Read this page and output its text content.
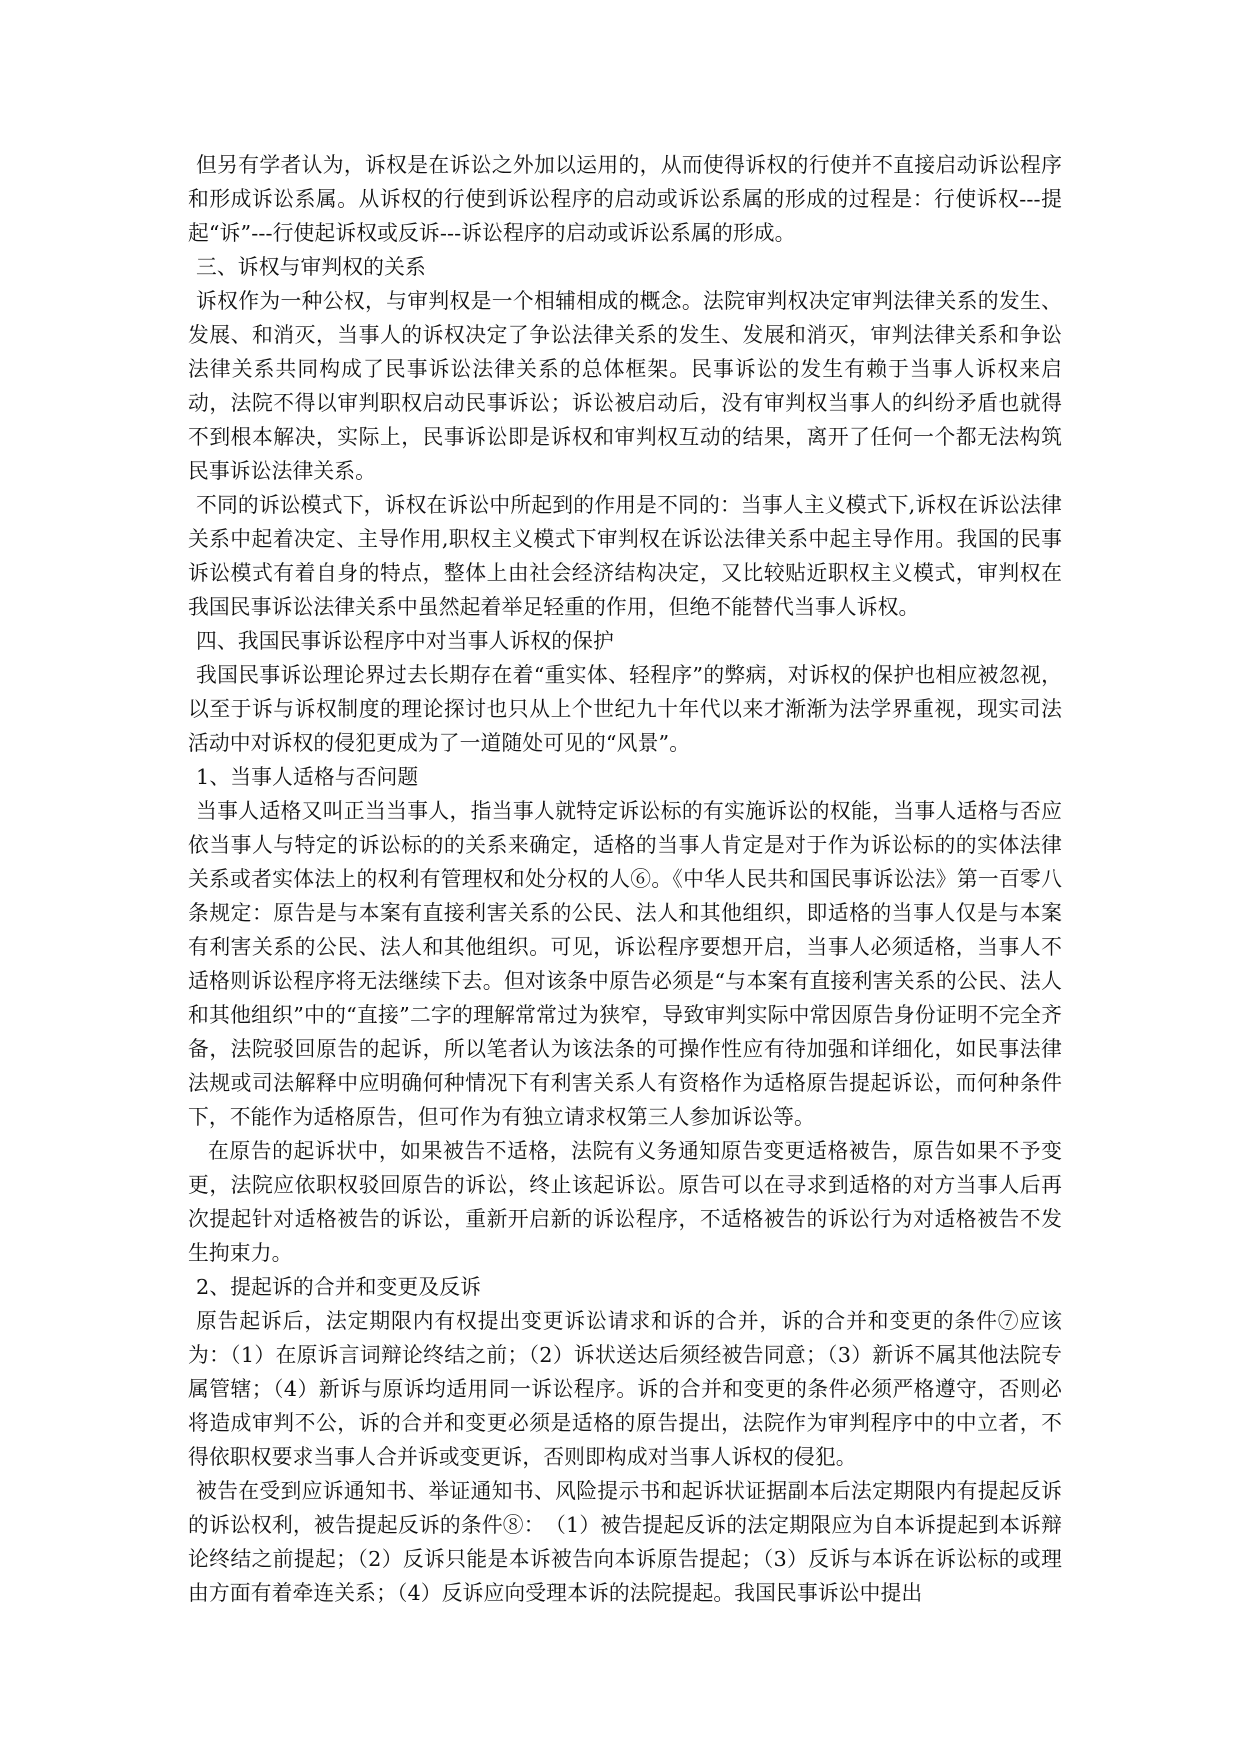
但另有学者认为，诉权是在诉讼之外加以运用的，从而使得诉权的行使并不直接启动诉讼程序和形成诉讼系属。从诉权的行使到诉讼程序的启动或诉讼系属的形成的过程是：行使诉权---提起“诉”---行使起诉权或反诉---诉讼程序的启动或诉讼系属的形成。

三、诉权与审判权的关系

诉权作为一种公权，与审判权是一个相辅相成的概念。法院审判权决定审判法律关系的发生、发展、和消灭，当事人的诉权决定了争讼法律关系的发生、发展和消灭，审判法律关系和争讼法律关系共同构成了民事诉讼法律关系的总体框架。民事诉讼的发生有赖于当事人诉权来启动，法院不得以审判职权启动民事诉讼；诉讼被启动后，没有审判权当事人的纠纷矛盾也就得不到根本解决，实际上，民事诉讼即是诉权和审判权互动的结果，离开了任何一个都无法构筑民事诉讼法律关系。

不同的诉讼模式下，诉权在诉讼中所起到的作用是不同的：当事人主义模式下,诉权在诉讼法律关系中起着决定、主导作用,职权主义模式下审判权在诉讼法律关系中起主导作用。我国的民事诉讼模式有着自身的特点，整体上由社会经济结构决定，又比较贴近职权主义模式，审判权在我国民事诉讼法律关系中虽然起着举足轻重的作用，但绝不能替代当事人诉权。

四、我国民事诉讼程序中对当事人诉权的保护

我国民事诉讼理论界过去长期存在着“重实体、轻程序”的弊病，对诉权的保护也相应被忽视，以至于诉与诉权制度的理论探讨也只从上个世纪九十年代以来才渐渐为法学界重视，现实司法活动中对诉权的侵犯更成为了一道随处可见的“风景”。

1、当事人适格与否问题

当事人适格又叫正当当事人，指当事人就特定诉讼标的有实施诉讼的权能，当事人适格与否应依当事人与特定的诉讼标的的关系来确定，适格的当事人肯定是对于作为诉讼标的的实体法律关系或者实体法上的权利有管理权和处分权的人⑥。《中华人民共和国民事诉讼法》第一百零八条规定：原告是与本案有直接利害关系的公民、法人和其他组织，即适格的当事人仅是与本案有利害关系的公民、法人和其他组织。可见，诉讼程序要想开启，当事人必须适格，当事人不适格则诉讼程序将无法继续下去。但对该条中原告必须是“与本案有直接利害关系的公民、法人和其他组织”中的“直接”二字的理解常常过为狭窄，导致审判实际中常因原告身份证明不完全齐备，法院驳回原告的起诉，所以笔者认为该法条的可操作性应有待加强和详细化，如民事法律法规或司法解释中应明确何种情况下有利害关系人有资格作为适格原告提起诉讼，而何种条件下，不能作为适格原告，但可作为有独立请求权第三人参加诉讼等。

在原告的起诉状中，如果被告不适格，法院有义务通知原告变更适格被告，原告如果不予变更，法院应依职权驳回原告的诉讼，终止该起诉讼。原告可以在寻求到适格的对方当事人后再次提起针对适格被告的诉讼，重新开启新的诉讼程序，不适格被告的诉讼行为对适格被告不发生拘束力。

2、提起诉的合并和变更及反诉

原告起诉后，法定期限内有权提出变更诉讼请求和诉的合并，诉的合并和变更的条件⑦应该为：（1）在原诉言词辩论终结之前；（2）诉状送达后须经被告同意；（3）新诉不属其他法院专属管辖；（4）新诉与原诉均适用同一诉讼程序。诉的合并和变更的条件必须严格遵守，否则必将造成审判不公，诉的合并和变更必须是适格的原告提出，法院作为审判程序中的中立者，不得依职权要求当事人合并诉或变更诉，否则即构成对当事人诉权的侵犯。

被告在受到应诉通知书、举证通知书、风险提示书和起诉状证据副本后法定期限内有提起反诉的诉讼权利，被告提起反诉的条件⑧：　（1）被告提起反诉的法定期限应为自本诉提起到本诉辩论终结之前提起；（2）反诉只能是本诉被告向本诉原告提起；（3）反诉与本诉在诉讼标的或理由方面有着牵连关系；（4）反诉应向受理本诉的法院提起。我国民事诉讼中提出
